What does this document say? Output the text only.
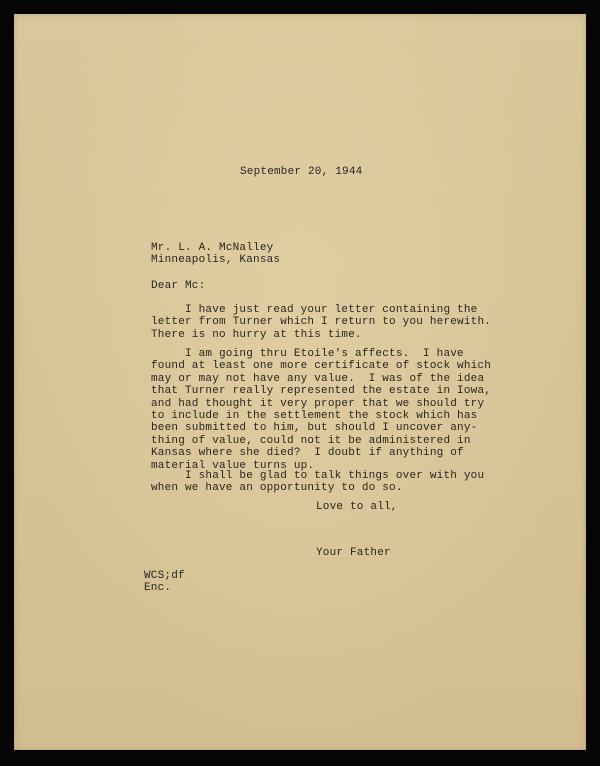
September 20, 1944
Mr. L. A. McNalley
Minneapolis, Kansas
Dear Mc:
I have just read your letter containing the
letter from Turner which I return to you herewith.
There is no hurry at this time.
I am going thru Etoile's affects.  I have
found at least one more certificate of stock which
may or may not have any value.  I was of the idea
that Turner really represented the estate in Iowa,
and had thought it very proper that we should try
to include in the settlement the stock which has
been submitted to him, but should I uncover any-
thing of value, could not it be administered in
Kansas where she died?  I doubt if anything of
material value turns up.
I shall be glad to talk things over with you
when we have an opportunity to do so.
Love to all,
Your Father
WCS;df
Enc.
